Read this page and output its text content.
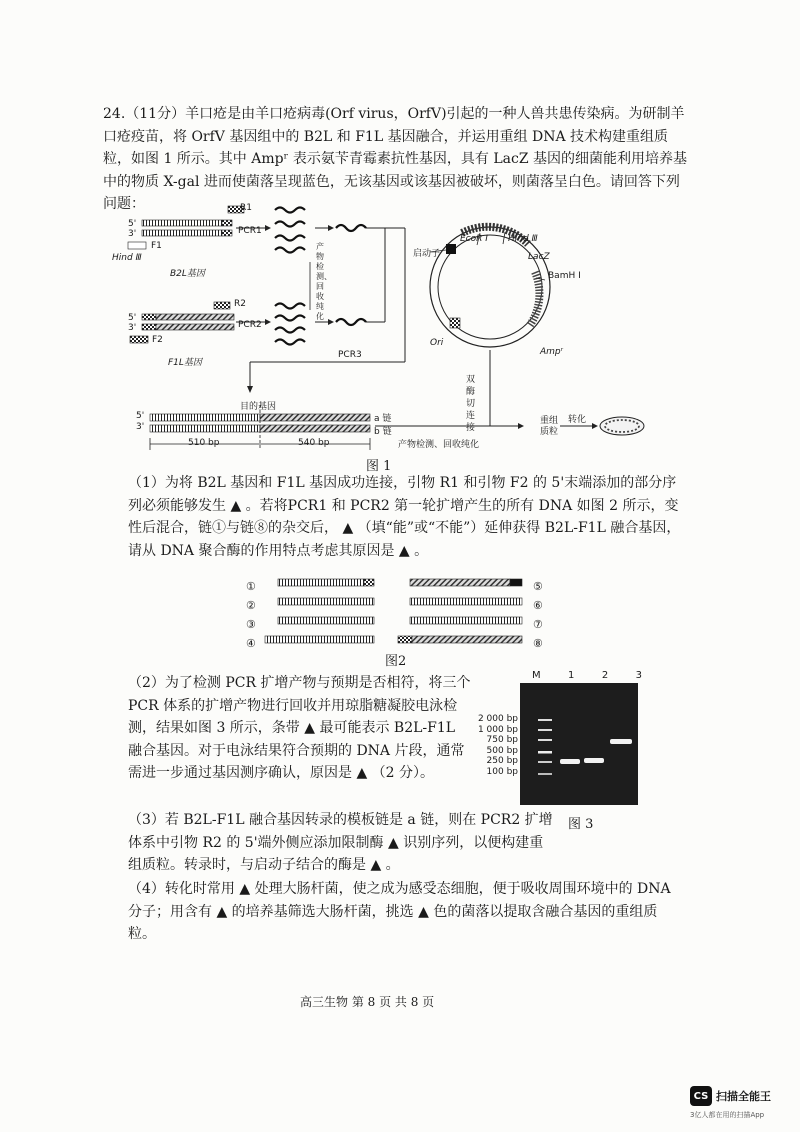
24.（11分）羊口疮是由羊口疮病毒(Orf virus，OrfV)引起的一种人兽共患传染病。为研制羊口疮疫苗，将 OrfV 基因组中的 B2L 和 F1L 基因融合，并运用重组 DNA 技术构建重组质粒，如图 1 所示。其中 Ampʳ 表示氨苄青霉素抗性基因，具有 LacZ 基因的细菌能利用培养基中的物质 X-gal 进而使菌落呈现蓝色，无该基因或该基因被破坏，则菌落呈白色。请回答下列问题：	R1
5'
3'	PCR1
F1
Hind Ⅲ
B2L基因
产物检测、回收纯化
R2
5'
3'	PCR2
F2
F1L基因
PCR3
目的基因
5'
3'
a 链
b 链
510 bp	540 bp	产物检测、回收纯化
双酶切连接
重组质粒
转化
EcoR Ⅰ Hind Ⅲ
LacZ
BamH Ⅰ
启动子
Ori
Ampʳ
图 1
（1）为将 B2L 基因和 F1L 基因成功连接，引物 R1 和引物 F2 的 5'末端添加的部分序列必须能够发生 ▲ 。若将PCR1 和 PCR2 第一轮扩增产生的所有 DNA 如图 2 所示，变性后混合，链①与链⑧的杂交后， ▲ （填“能”或“不能”）延伸获得 B2L-F1L 融合基因，请从 DNA 聚合酶的作用特点考虑其原因是 ▲ 。
①
②
③
④
⑤
⑥
⑦
⑧
图2
（2）为了检测 PCR 扩增产物与预期是否相符，将三个 PCR 体系的扩增产物进行回收并用琼脂糖凝胶电泳检测，结果如图 3 所示，条带 ▲ 最可能表示 B2L-F1L 融合基因。对于电泳结果符合预期的 DNA 片段，通常需进一步通过基因测序确认，原因是 ▲ （2 分）。
M	1	2	3
2 000 bp
1 000 bp
750 bp
500 bp
250 bp
100 bp
图 3
（3）若 B2L-F1L 融合基因转录的模板链是 a 链，则在 PCR2 扩增体系中引物 R2 的 5'端外侧应添加限制酶 ▲ 识别序列，以便构建重组质粒。转录时，与启动子结合的酶是 ▲ 。
（4）转化时常用 ▲ 处理大肠杆菌，使之成为感受态细胞，便于吸收周围环境中的 DNA 分子；用含有 ▲ 的培养基筛选大肠杆菌，挑选 ▲ 色的菌落以提取含融合基因的重组质粒。
高三生物 第 8 页 共 8 页
CS 扫描全能王
3亿人都在用的扫描App
